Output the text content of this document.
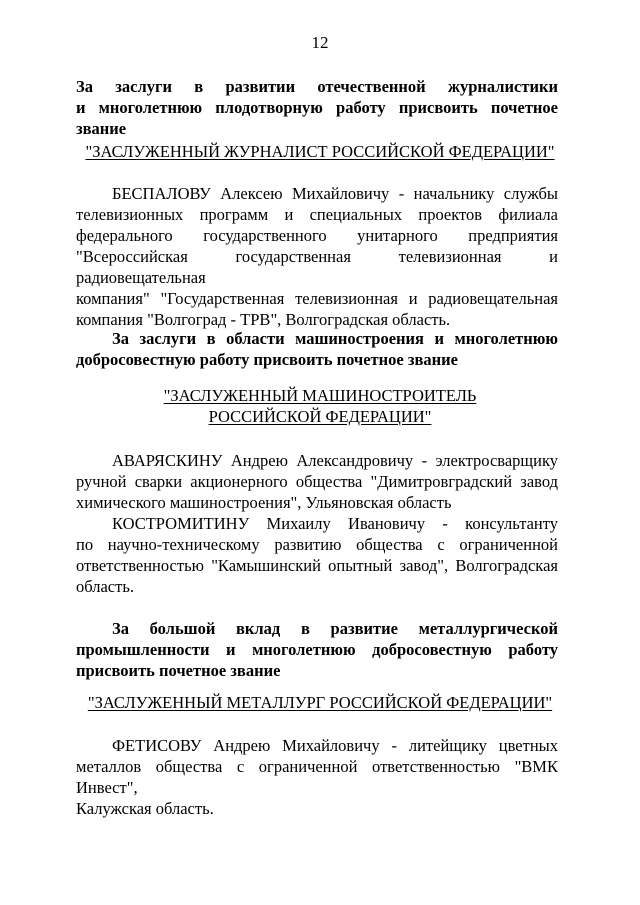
12
За заслуги в развитии отечественной журналистики
и многолетнюю плодотворную работу присвоить почетное звание
"ЗАСЛУЖЕННЫЙ ЖУРНАЛИСТ РОССИЙСКОЙ ФЕДЕРАЦИИ"
БЕСПАЛОВУ Алексею Михайловичу - начальнику службы
телевизионных программ и специальных проектов филиала
федерального государственного унитарного предприятия
"Всероссийская государственная телевизионная и радиовещательная
компания" "Государственная телевизионная и радиовещательная
компания "Волгоград - ТРВ", Волгоградская область.
За заслуги в области машиностроения и многолетнюю
добросовестную работу присвоить почетное звание
"ЗАСЛУЖЕННЫЙ МАШИНОСТРОИТЕЛЬ
РОССИЙСКОЙ ФЕДЕРАЦИИ"
АВАРЯСКИНУ Андрею Александровичу - электросварщику
ручной сварки акционерного общества "Димитровградский завод
химического машиностроения", Ульяновская область
КОСТРОМИТИНУ Михаилу Ивановичу - консультанту
по научно-техническому развитию общества с ограниченной
ответственностью "Камышинский опытный завод", Волгоградская
область.
За большой вклад в развитие металлургической
промышленности и многолетнюю добросовестную работу
присвоить почетное звание
"ЗАСЛУЖЕННЫЙ МЕТАЛЛУРГ РОССИЙСКОЙ ФЕДЕРАЦИИ"
ФЕТИСОВУ Андрею Михайловичу - литейщику цветных
металлов общества с ограниченной ответственностью "ВМК Инвест",
Калужская область.
